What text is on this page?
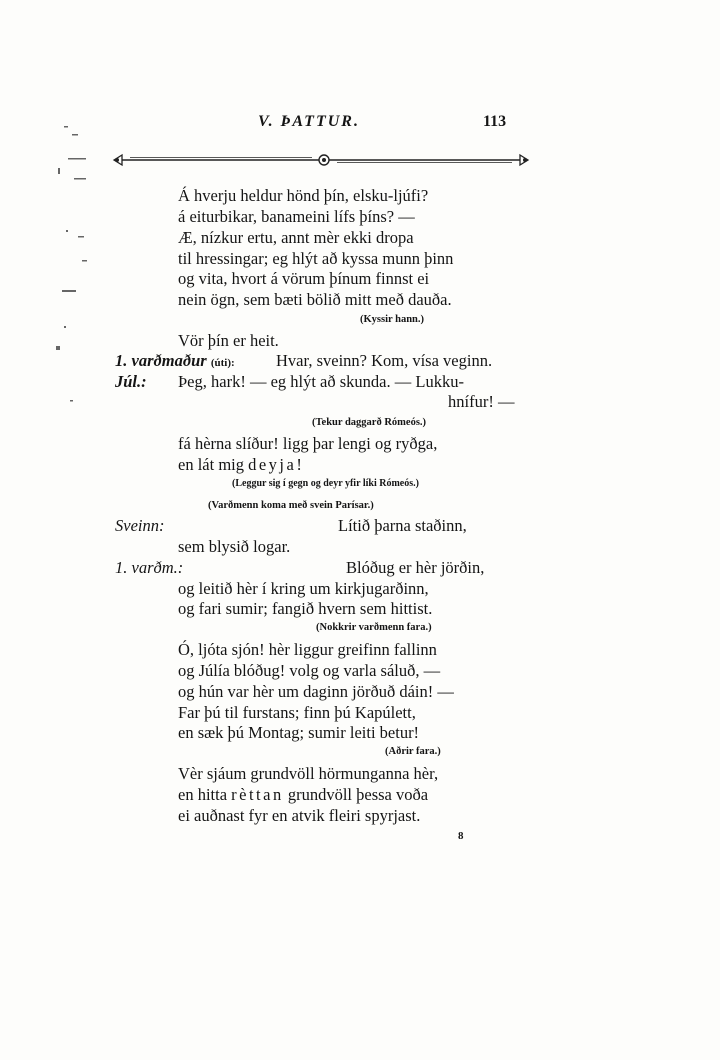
V. ÞATTUR.	113
Á hverju heldur hönd þín, elsku-ljúfi?
á eiturbikar, banameini lífs þíns? —
Æ, nízkur ertu, annt mèr ekki dropa
til hressingar; eg hlýt að kyssa munn þinn
og vita, hvort á vörum þínum finnst ei
nein ögn, sem bæti bölið mitt með dauða.
(Kyssir hann.)
Vör þín er heit.
1. varðmaður (úti):	Hvar, sveinn? Kom, vísa veginn.
Júl.: Þeg, hark! — eg hlýt að skunda. — Lukku-
hnífur! —
(Tekur daggarð Rómeós.)
fá hèrna slíður! ligg þar lengi og ryðga,
en lát mig deyja!
(Leggur sig í gegn og deyr yfir líki Rómeós.)
(Varðmenn koma með svein Parísar.)
Sveinn:	Lítið þarna staðinn,
sem blysið logar.
1. varðm.:	Blóðug er hèr jörðin,
og leitið hèr í kring um kirkjugarðinn,
og fari sumir; fangið hvern sem hittist.
(Nokkrir varðmenn fara.)
Ó, ljóta sjón! hèr liggur greifinn fallinn
og Júlía blóðug! volg og varla sáluð, —
og hún var hèr um daginn jörðuð dáin! —
Far þú til furstans; finn þú Kapúlett,
en sæk þú Montag; sumir leiti betur!
(Aðrir fara.)
Vèr sjáum grundvöll hörmunganna hèr,
en hitta rèttan grundvöll þessa voða
ei auðnast fyr en atvik fleiri spyrjast.
8
